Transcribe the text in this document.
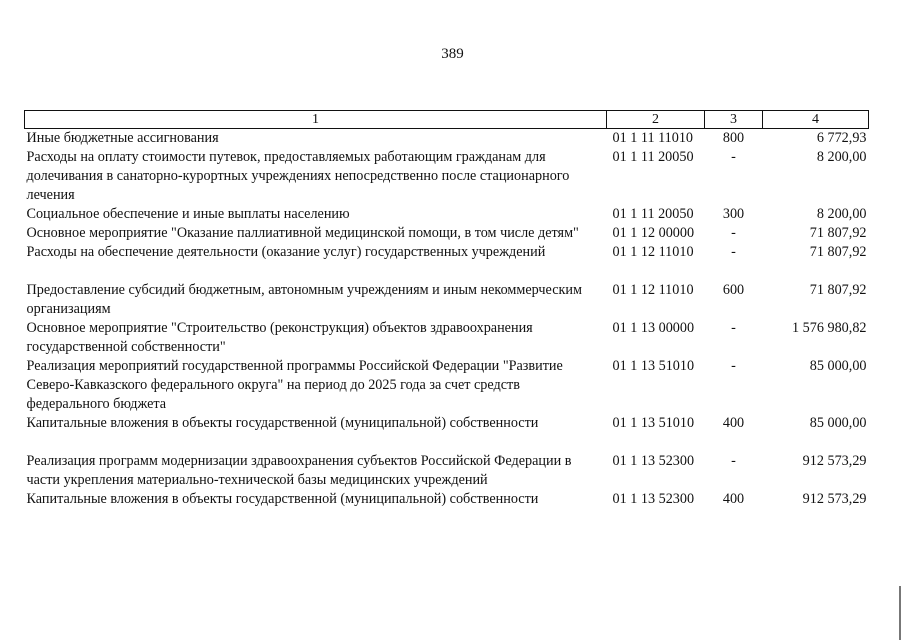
389
1	2	3	4
Иные бюджетные ассигнования	01 1 11 11010	800	6 772,93
Расходы на оплату стоимости путевок, предоставляемых работающим гражданам для долечивания в санаторно-курортных учреждениях непосредственно после стационарного лечения	01 1 11 20050	-	8 200,00
Социальное обеспечение и иные выплаты населению	01 1 11 20050	300	8 200,00
Основное мероприятие "Оказание паллиативной медицинской помощи, в том числе детям"	01 1 12 00000	-	71 807,92
Расходы на обеспечение деятельности (оказание услуг) государственных учреждений	01 1 12 11010	-	71 807,92
Предоставление субсидий бюджетным, автономным учреждениям и иным некоммерческим организациям	01 1 12 11010	600	71 807,92
Основное мероприятие "Строительство (реконструкция) объектов здравоохранения государственной собственности"	01 1 13 00000	-	1 576 980,82
Реализация мероприятий государственной программы Российской Федерации "Развитие Северо-Кавказского федерального округа" на период до 2025 года за счет средств федерального бюджета	01 1 13 51010	-	85 000,00
Капитальные вложения в объекты государственной (муниципальной) собственности	01 1 13 51010	400	85 000,00
Реализация программ модернизации здравоохранения субъектов Российской Федерации в части укрепления материально-технической базы медицинских учреждений	01 1 13 52300	-	912 573,29
Капитальные вложения в объекты государственной (муниципальной) собственности	01 1 13 52300	400	912 573,29
